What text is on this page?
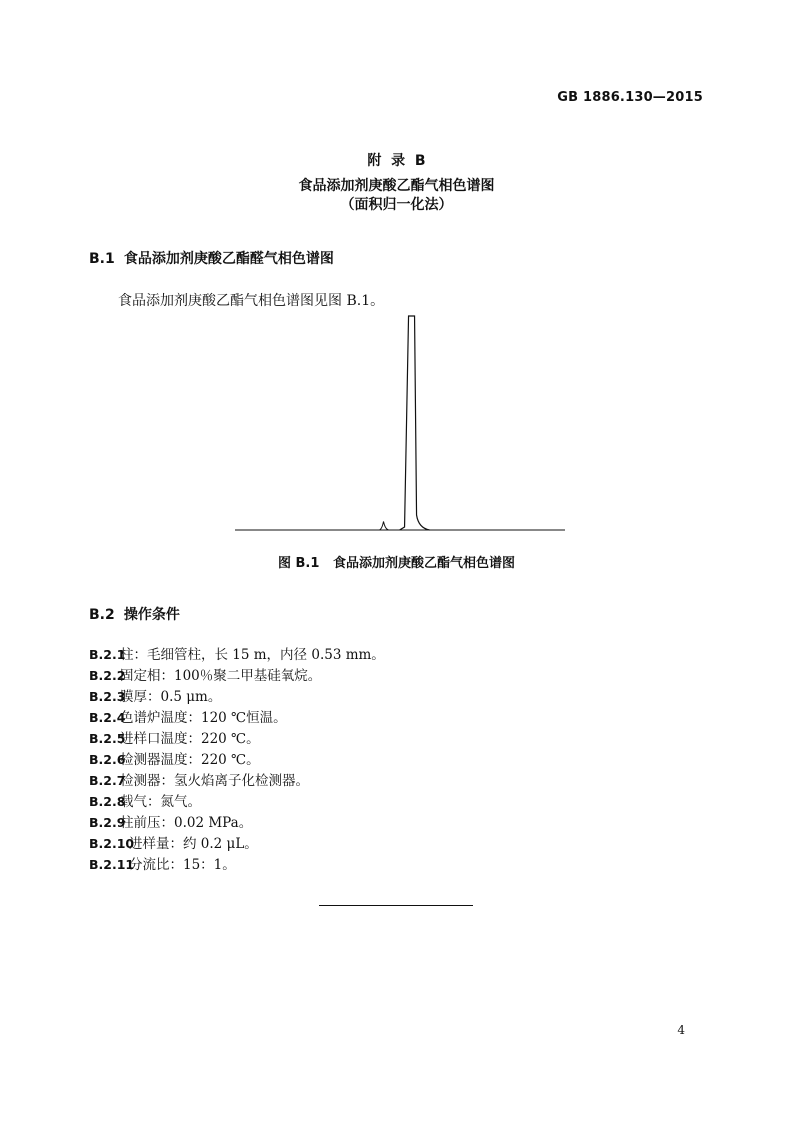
GB 1886.130—2015
附  录  B
食品添加剂庚酸乙酯气相色谱图
（面积归一化法）
B.1 食品添加剂庚酸乙酯醛气相色谱图
食品添加剂庚酸乙酯气相色谱图见图 B.1。
图 B.1   食品添加剂庚酸乙酯气相色谱图
B.2 操作条件
B.2.1柱：毛细管柱，长 15 m，内径 0.53 mm。
B.2.2固定相：100％聚二甲基硅氧烷。
B.2.3膜厚：0.5 μm。
B.2.4色谱炉温度：120 ℃恒温。
B.2.5进样口温度：220 ℃。
B.2.6检测器温度：220 ℃。
B.2.7检测器：氢火焰离子化检测器。
B.2.8载气：氮气。
B.2.9柱前压：0.02 MPa。
B.2.10进样量：约 0.2 μL。
B.2.11分流比：15：1。
4
